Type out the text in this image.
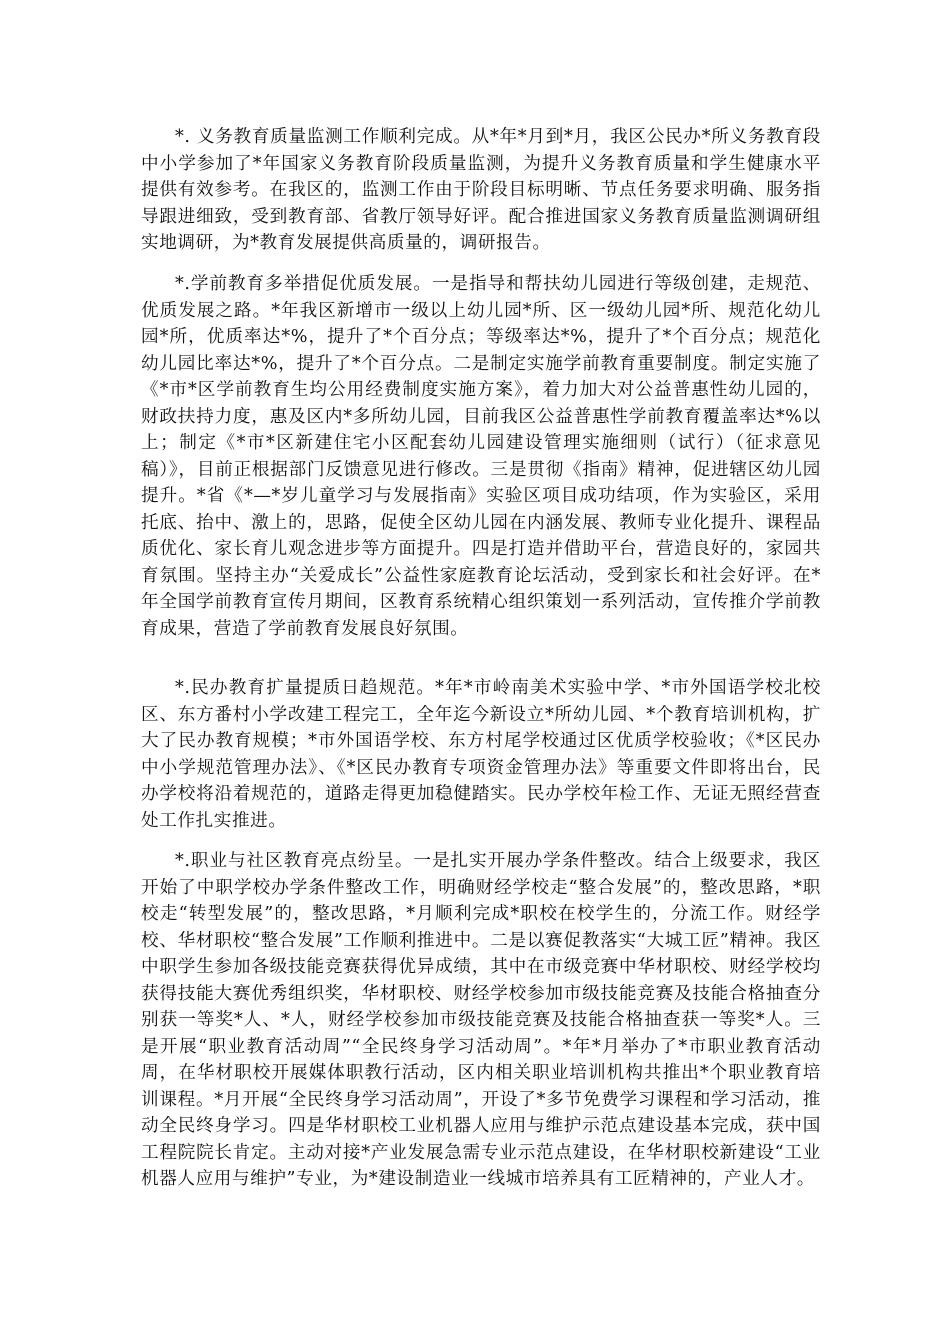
*. 义务教育质量监测工作顺利完成。从*年*月到*月，我区公民办*所义务教育段中小学参加了*年国家义务教育阶段质量监测，为提升义务教育质量和学生健康水平提供有效参考。在我区的，监测工作由于阶段目标明晰、节点任务要求明确、服务指导跟进细致，受到教育部、省教厅领导好评。配合推进国家义务教育质量监测调研组实地调研，为*教育发展提供高质量的，调研报告。

*.学前教育多举措促优质发展。一是指导和帮扶幼儿园进行等级创建，走规范、优质发展之路。*年我区新增市一级以上幼儿园*所、区一级幼儿园*所、规范化幼儿园*所，优质率达*%，提升了*个百分点；等级率达*%，提升了*个百分点；规范化幼儿园比率达*%，提升了*个百分点。二是制定实施学前教育重要制度。制定实施了《*市*区学前教育生均公用经费制度实施方案》，着力加大对公益普惠性幼儿园的，财政扶持力度，惠及区内*多所幼儿园，目前我区公益普惠性学前教育覆盖率达*%以上；制定《*市*区新建住宅小区配套幼儿园建设管理实施细则（试行）（征求意见稿）》，目前正根据部门反馈意见进行修改。三是贯彻《指南》精神，促进辖区幼儿园提升。*省《*—*岁儿童学习与发展指南》实验区项目成功结项，作为实验区，采用托底、抬中、激上的，思路，促使全区幼儿园在内涵发展、教师专业化提升、课程品质优化、家长育儿观念进步等方面提升。四是打造并借助平台，营造良好的，家园共育氛围。坚持主办“关爱成长”公益性家庭教育论坛活动，受到家长和社会好评。在*年全国学前教育宣传月期间，区教育系统精心组织策划一系列活动，宣传推介学前教育成果，营造了学前教育发展良好氛围。

*.民办教育扩量提质日趋规范。*年*市岭南美术实验中学、*市外国语学校北校区、东方番村小学改建工程完工，全年迄今新设立*所幼儿园、*个教育培训机构，扩大了民办教育规模；*市外国语学校、东方村尾学校通过区优质学校验收；《*区民办中小学规范管理办法》、《*区民办教育专项资金管理办法》等重要文件即将出台，民办学校将沿着规范的，道路走得更加稳健踏实。民办学校年检工作、无证无照经营查处工作扎实推进。

*.职业与社区教育亮点纷呈。一是扎实开展办学条件整改。结合上级要求，我区开始了中职学校办学条件整改工作，明确财经学校走“整合发展”的，整改思路，*职校走“转型发展”的，整改思路，*月顺利完成*职校在校学生的，分流工作。财经学校、华材职校“整合发展”工作顺利推进中。二是以赛促教落实“大城工匠”精神。我区中职学生参加各级技能竞赛获得优异成绩，其中在市级竞赛中华材职校、财经学校均获得技能大赛优秀组织奖，华材职校、财经学校参加市级技能竞赛及技能合格抽查分别获一等奖*人、*人，财经学校参加市级技能竞赛及技能合格抽查获一等奖*人。三是开展“职业教育活动周”“全民终身学习活动周”。*年*月举办了*市职业教育活动周，在华材职校开展媒体职教行活动，区内相关职业培训机构共推出*个职业教育培训课程。*月开展“全民终身学习活动周”，开设了*多节免费学习课程和学习活动，推动全民终身学习。四是华材职校工业机器人应用与维护示范点建设基本完成，获中国工程院院长肯定。主动对接*产业发展急需专业示范点建设，在华材职校新建设“工业机器人应用与维护”专业，为*建设制造业一线城市培养具有工匠精神的，产业人才。
